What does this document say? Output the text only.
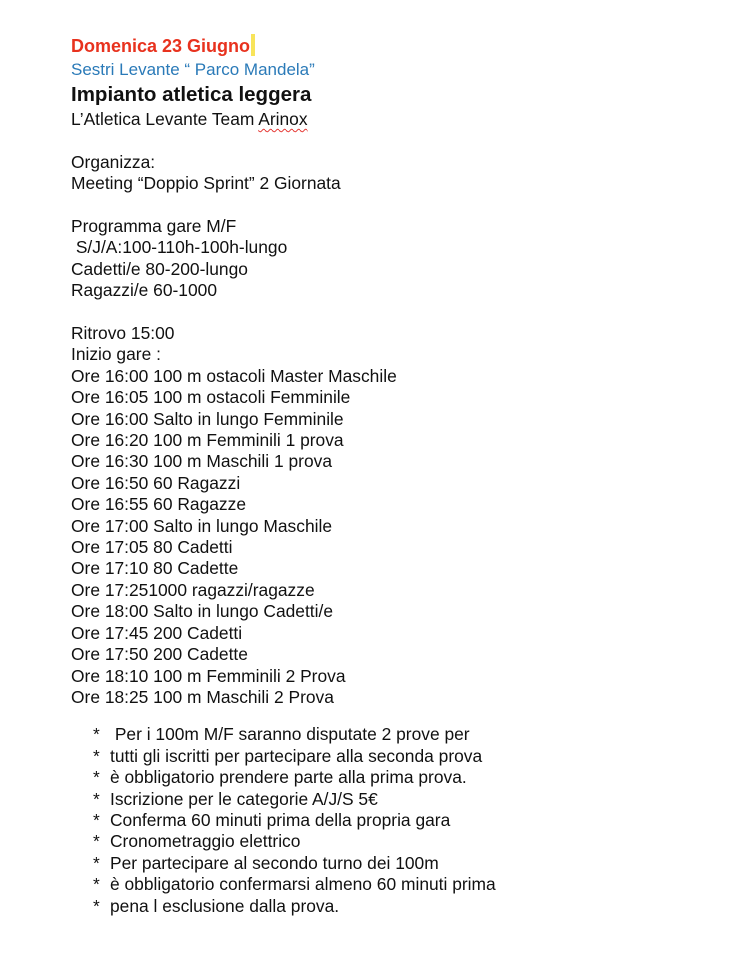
Domenica 23 Giugno
Sestri Levante “ Parco Mandela”
Impianto atletica leggera
L’Atletica Levante Team Arinox
Organizza:
Meeting “Doppio Sprint” 2 Giornata
Programma gare M/F
S/J/A:100-110h-100h-lungo
Cadetti/e 80-200-lungo
Ragazzi/e 60-1000
Ritrovo 15:00
Inizio gare :
Ore 16:00 100 m ostacoli Master Maschile
Ore 16:05 100 m ostacoli Femminile
Ore 16:00 Salto in lungo Femminile
Ore 16:20 100 m Femminili 1 prova
Ore 16:30 100 m Maschili 1 prova
Ore 16:50 60 Ragazzi
Ore 16:55 60 Ragazze
Ore 17:00 Salto in lungo Maschile
Ore 17:05 80 Cadetti
Ore 17:10 80 Cadette
Ore 17:251000 ragazzi/ragazze
Ore 18:00 Salto in lungo Cadetti/e
Ore 17:45 200 Cadetti
Ore 17:50 200 Cadette
Ore 18:10 100 m Femminili 2 Prova
Ore 18:25 100 m Maschili 2 Prova
* Per i 100m M/F saranno disputate 2 prove per
* tutti gli iscritti per partecipare alla seconda prova
* è obbligatorio prendere parte alla prima prova.
* Iscrizione per le categorie A/J/S 5€
* Conferma 60 minuti prima della propria gara
* Cronometraggio elettrico
* Per partecipare al secondo turno dei 100m
* è obbligatorio confermarsi almeno 60 minuti prima
* pena l esclusione dalla prova.
